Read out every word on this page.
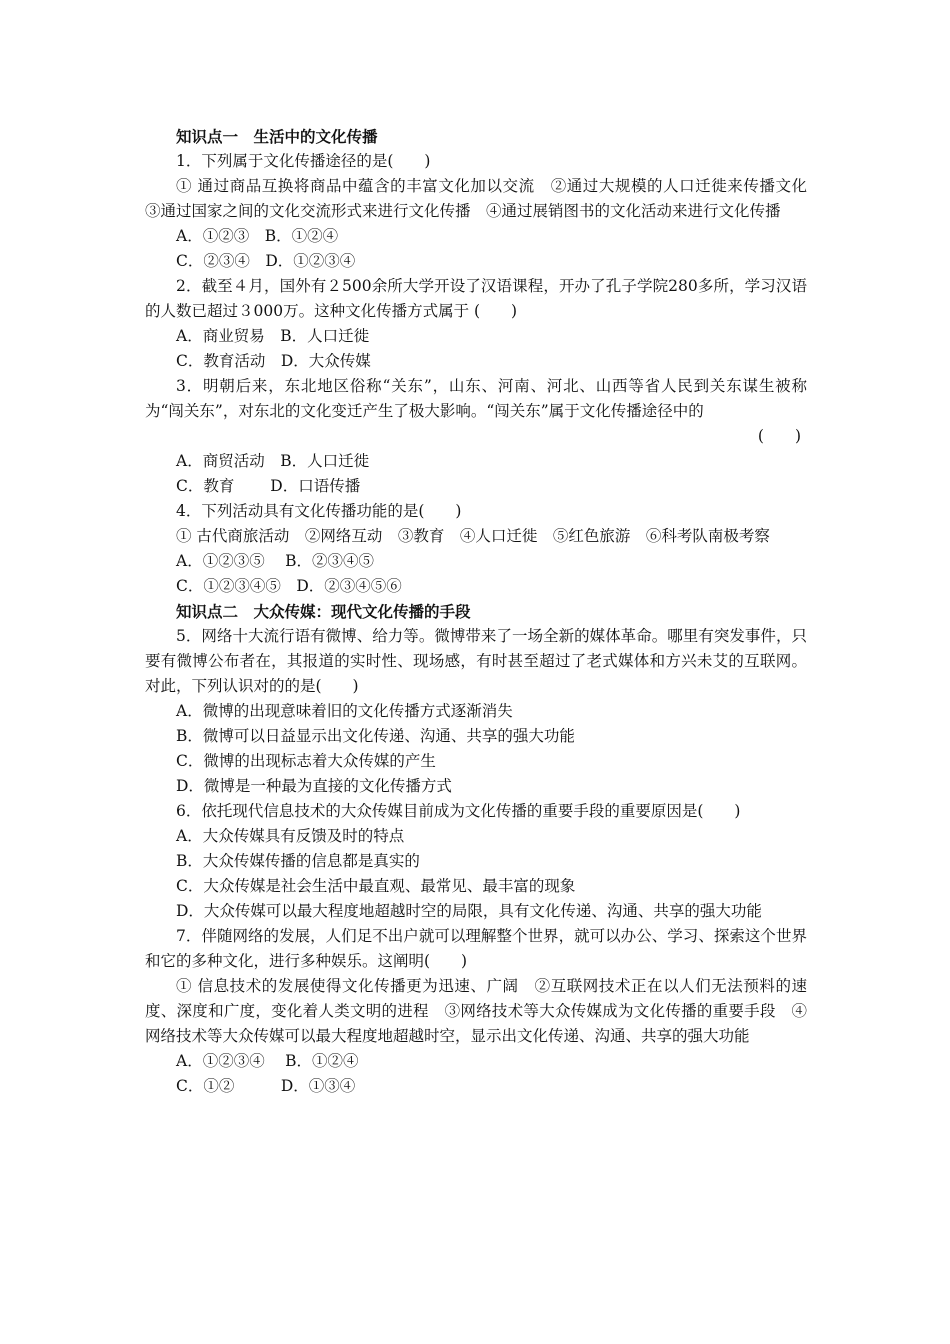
知识点一　生活中的文化传播

1．下列属于文化传播途径的是(　　)

① 通过商品互换将商品中蕴含的丰富文化加以交流　②通过大规模的人口迁徙来传播文化　③通过国家之间的文化交流形式来进行文化传播　④通过展销图书的文化活动来进行文化传播

A．①②③　B．①②④

C．②③④　D．①②③④

2．截至４月，国外有２500余所大学开设了汉语课程，开办了孔子学院280多所，学习汉语的人数已超过３000万。这种文化传播方式属于 (　　)

A．商业贸易　B．人口迁徙

C．教育活动　D．大众传媒

3．明朝后来，东北地区俗称“关东”，山东、河南、河北、山西等省人民到关东谋生被称为“闯关东”，对东北的文化变迁产生了极大影响。“闯关东”属于文化传播途径中的

(　　)

A．商贸活动　B．人口迁徙

C．教育　　 D．口语传播

4．下列活动具有文化传播功能的是(　　)

① 古代商旅活动　②网络互动　③教育　④人口迁徙　⑤红色旅游　⑥科考队南极考察

A．①②③⑤　 B．②③④⑤

C．①②③④⑤　D．②③④⑤⑥

知识点二　大众传媒：现代文化传播的手段

5．网络十大流行语有微博、给力等。微博带来了一场全新的媒体革命。哪里有突发事件，只要有微博公布者在，其报道的实时性、现场感，有时甚至超过了老式媒体和方兴未艾的互联网。对此，下列认识对的的是(　　)

A．微博的出现意味着旧的文化传播方式逐渐消失

B．微博可以日益显示出文化传递、沟通、共享的强大功能

C．微博的出现标志着大众传媒的产生

D．微博是一种最为直接的文化传播方式

6．依托现代信息技术的大众传媒目前成为文化传播的重要手段的重要原因是(　　)

A．大众传媒具有反馈及时的特点

B．大众传媒传播的信息都是真实的

C．大众传媒是社会生活中最直观、最常见、最丰富的现象

D．大众传媒可以最大程度地超越时空的局限，具有文化传递、沟通、共享的强大功能

7．伴随网络的发展，人们足不出户就可以理解整个世界，就可以办公、学习、探索这个世界和它的多种文化，进行多种娱乐。这阐明(　　)

① 信息技术的发展使得文化传播更为迅速、广阔　②互联网技术正在以人们无法预料的速度、深度和广度，变化着人类文明的进程　③网络技术等大众传媒成为文化传播的重要手段　④网络技术等大众传媒可以最大程度地超越时空，显示出文化传递、沟通、共享的强大功能

A．①②③④　 B．①②④

C．①②　　　D．①③④
